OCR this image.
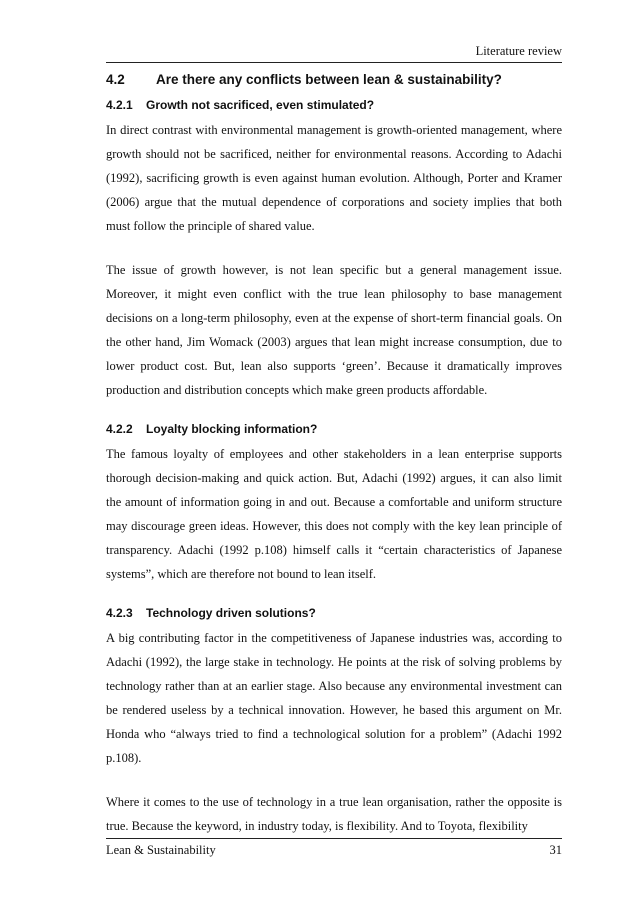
Literature review
4.2	Are there any conflicts between lean & sustainability?
4.2.1	Growth not sacrificed, even stimulated?

In direct contrast with environmental management is growth-oriented management, where growth should not be sacrificed, neither for environmental reasons. According to Adachi (1992), sacrificing growth is even against human evolution. Although, Porter and Kramer (2006) argue that the mutual dependence of corporations and society implies that both must follow the principle of shared value.

The issue of growth however, is not lean specific but a general management issue. Moreover, it might even conflict with the true lean philosophy to base management decisions on a long-term philosophy, even at the expense of short-term financial goals. On the other hand, Jim Womack (2003) argues that lean might increase consumption, due to lower product cost. But, lean also supports ‘green’. Because it dramatically improves production and distribution concepts which make green products affordable.

4.2.2	Loyalty blocking information?

The famous loyalty of employees and other stakeholders in a lean enterprise supports thorough decision-making and quick action. But, Adachi (1992) argues, it can also limit the amount of information going in and out. Because a comfortable and uniform structure may discourage green ideas. However, this does not comply with the key lean principle of transparency. Adachi (1992 p.108) himself calls it “certain characteristics of Japanese systems”, which are therefore not bound to lean itself.

4.2.3	Technology driven solutions?

A big contributing factor in the competitiveness of Japanese industries was, according to Adachi (1992), the large stake in technology. He points at the risk of solving problems by technology rather than at an earlier stage. Also because any environmental investment can be rendered useless by a technical innovation. However, he based this argument on Mr. Honda who “always tried to find a technological solution for a problem” (Adachi 1992 p.108).

Where it comes to the use of technology in a true lean organisation, rather the opposite is true. Because the keyword, in industry today, is flexibility. And to Toyota, flexibility

Lean & Sustainability	31
